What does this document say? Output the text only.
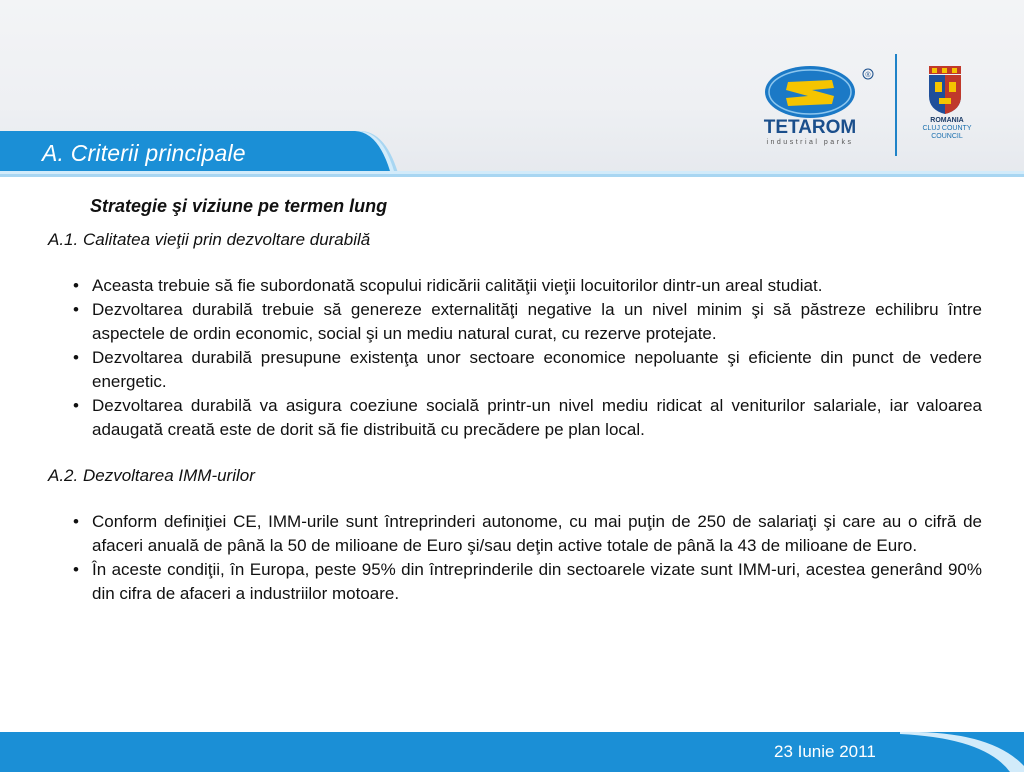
A. Criterii principale
TETAROM
industrial parks
®
ROMANIA
CLUJ COUNTY
COUNCIL

Strategie şi viziune pe termen lung

A.1. Calitatea vieţii prin dezvoltare durabilă

• Aceasta trebuie să fie subordonată scopului ridicării calităţii vieţii locuitorilor dintr-un areal studiat.
• Dezvoltarea durabilă trebuie să genereze externalităţi negative la un nivel minim şi să păstreze echilibru între aspectele de ordin economic, social şi un mediu natural curat, cu rezerve protejate.
• Dezvoltarea durabilă presupune existenţa unor sectoare economice nepoluante şi eficiente din punct de vedere energetic.
• Dezvoltarea durabilă va asigura coeziune socială printr-un nivel mediu ridicat al veniturilor salariale, iar valoarea adaugată creată este de dorit să fie distribuită cu precădere pe plan local.

A.2. Dezvoltarea IMM-urilor

• Conform definiţiei CE, IMM-urile sunt întreprinderi autonome, cu mai puţin de 250 de salariaţi şi care au o cifră de afaceri anuală de până la 50 de milioane de Euro şi/sau deţin active totale de până la 43 de milioane de Euro.
• În aceste condiţii, în Europa, peste 95% din întreprinderile din sectoarele vizate sunt IMM-uri, acestea generând 90% din cifra de afaceri a industriilor motoare.

23 Iunie 2011
